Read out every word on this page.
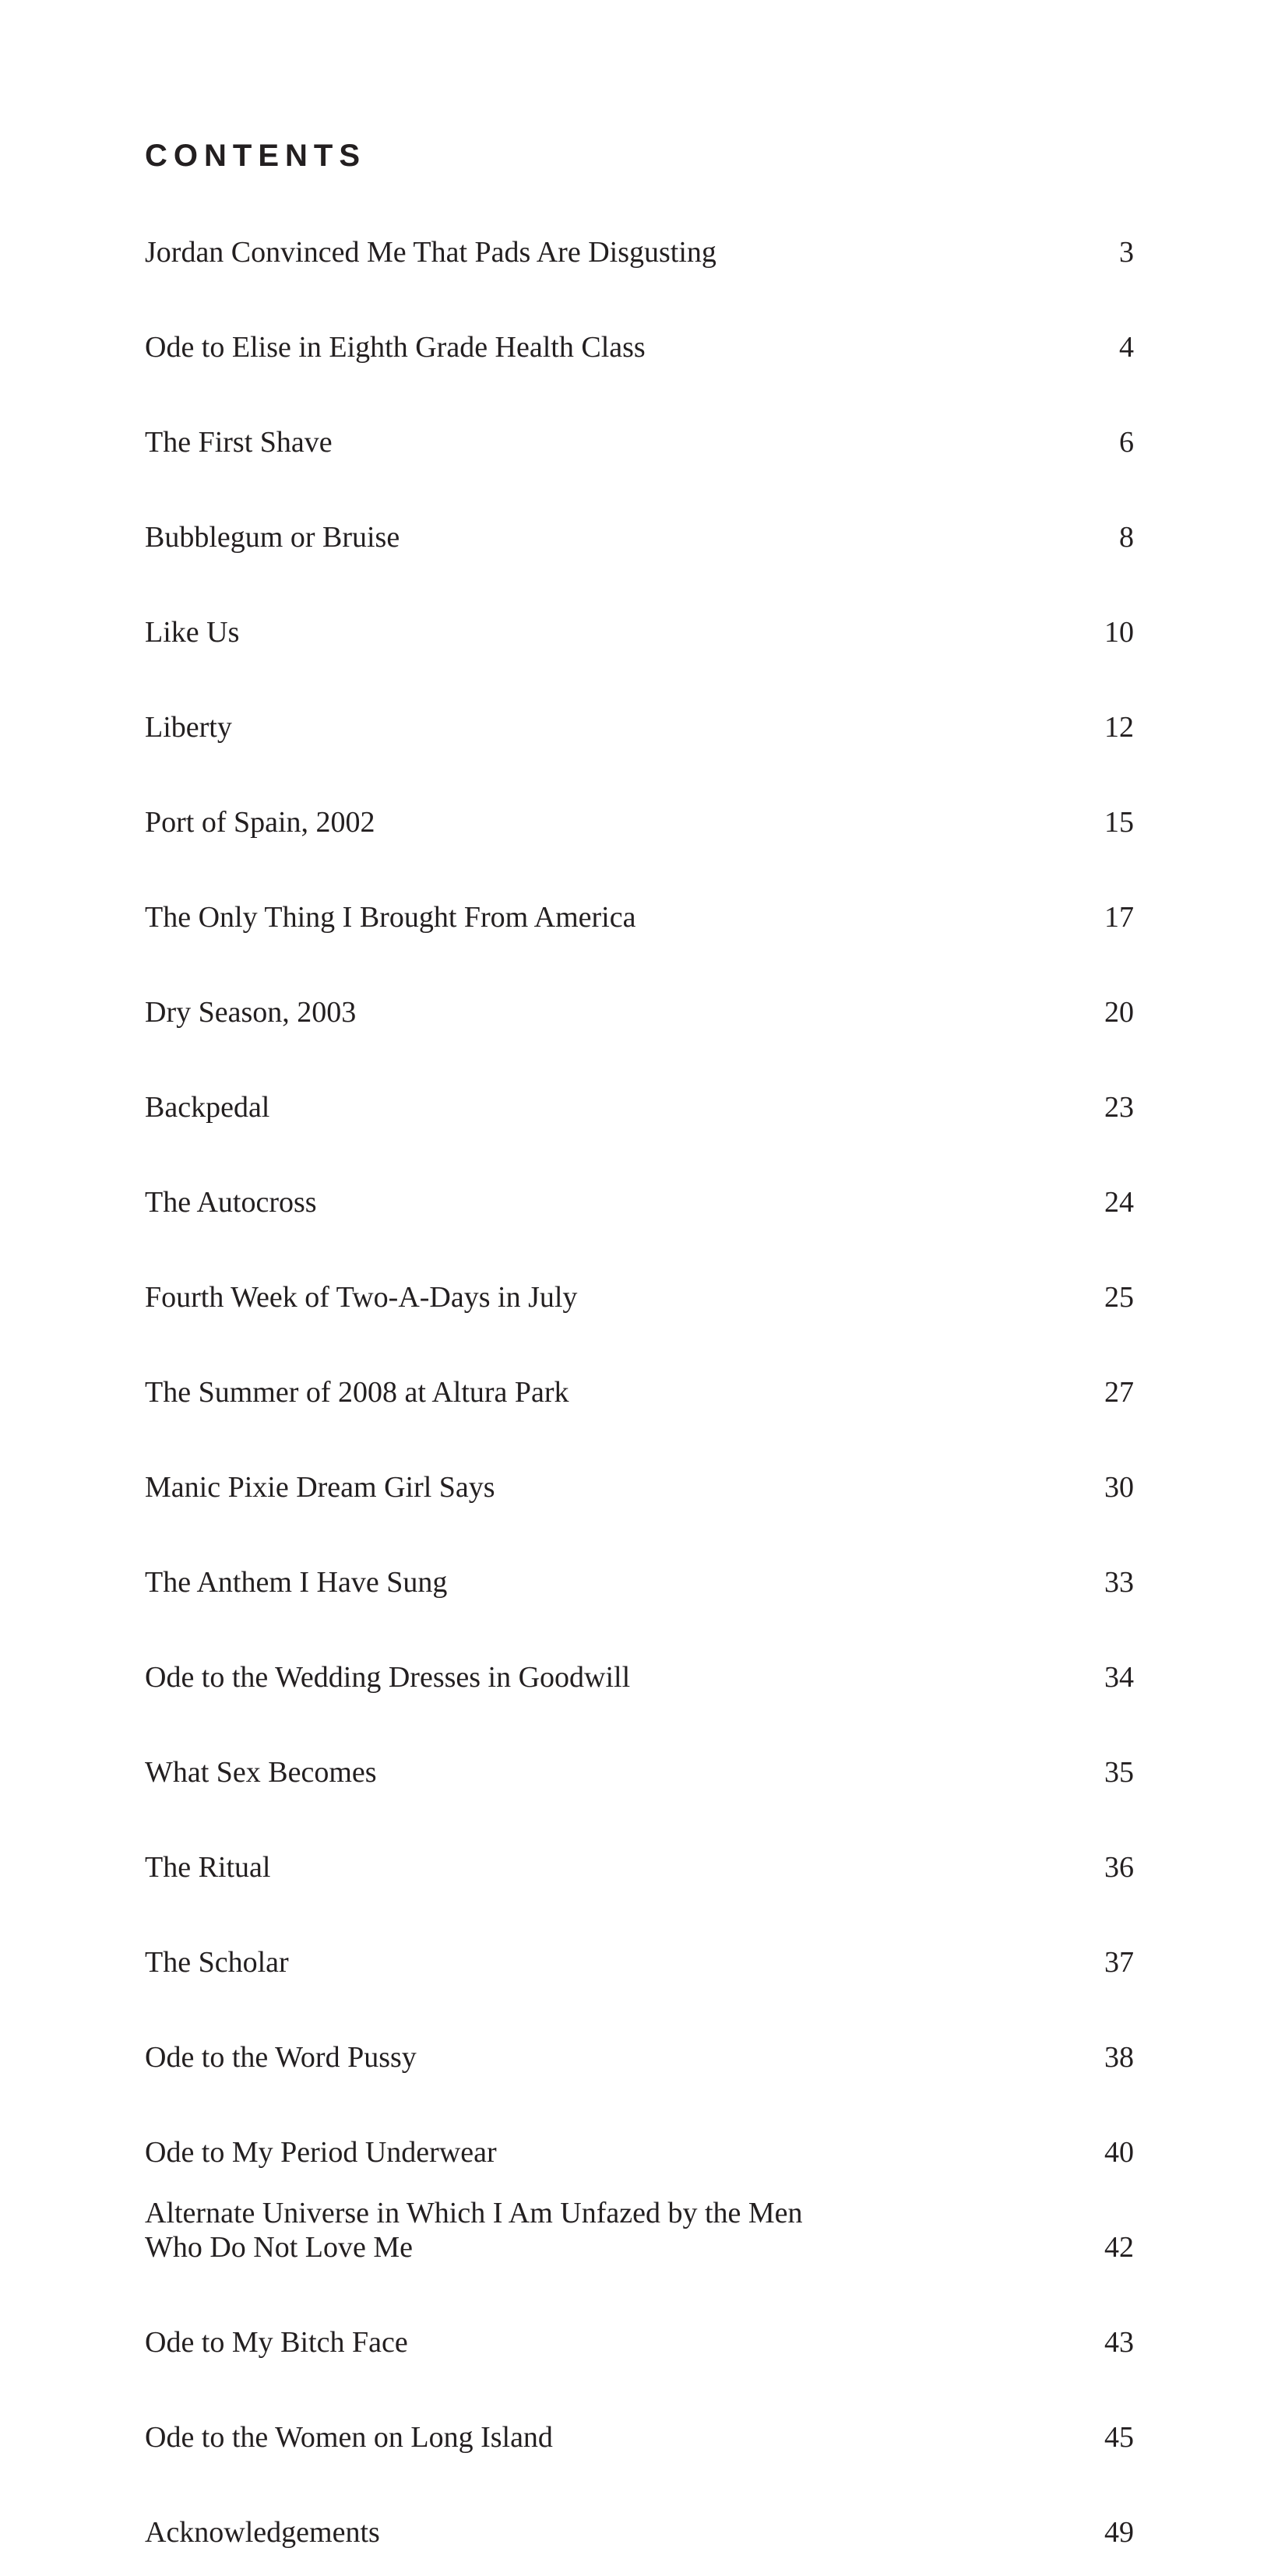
CONTENTS
Jordan Convinced Me That Pads Are Disgusting	3
Ode to Elise in Eighth Grade Health Class	4
The First Shave	6
Bubblegum or Bruise	8
Like Us	10
Liberty	12
Port of Spain, 2002	15
The Only Thing I Brought From America	17
Dry Season, 2003	20
Backpedal	23
The Autocross	24
Fourth Week of Two-A-Days in July	25
The Summer of 2008 at Altura Park	27
Manic Pixie Dream Girl Says	30
The Anthem I Have Sung	33
Ode to the Wedding Dresses in Goodwill	34
What Sex Becomes	35
The Ritual	36
The Scholar	37
Ode to the Word Pussy	38
Ode to My Period Underwear	40
Alternate Universe in Which I Am Unfazed by the Men Who Do Not Love Me	42
Ode to My Bitch Face	43
Ode to the Women on Long Island	45
Acknowledgements	49
